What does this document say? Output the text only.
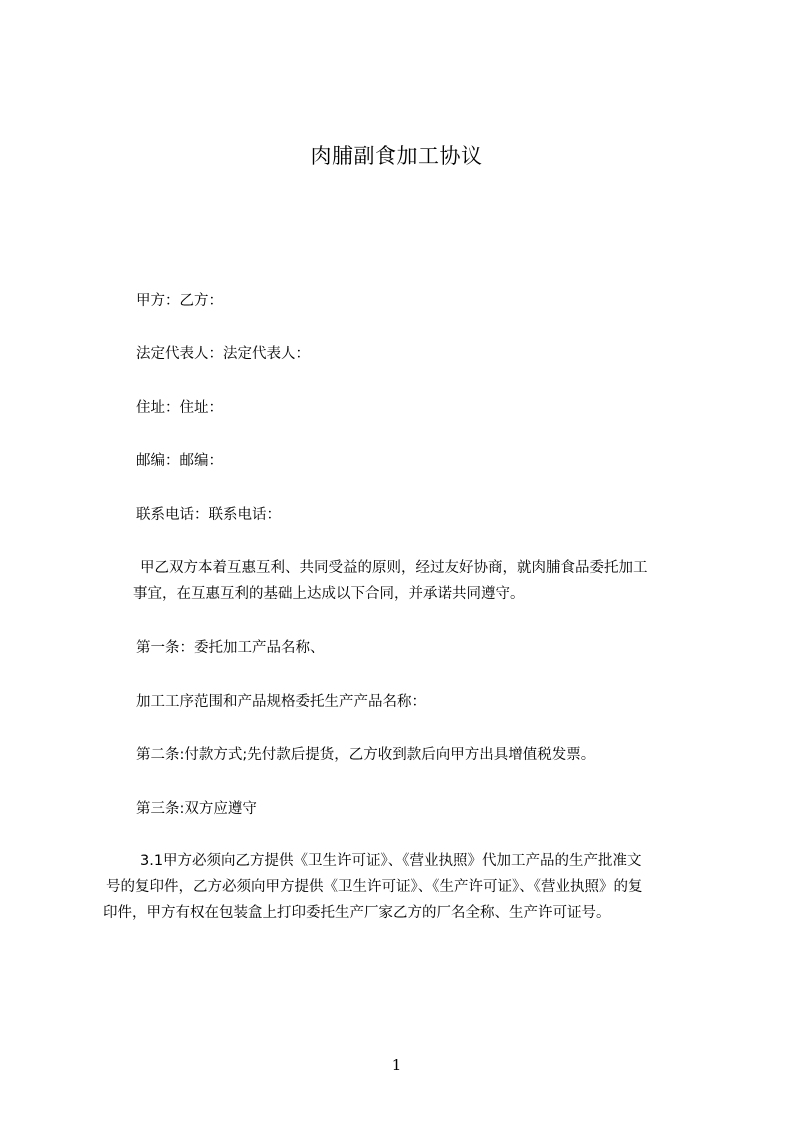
肉脯副食加工协议
甲方：乙方：
法定代表人：法定代表人：
住址：住址：
邮编：邮编：
联系电话：联系电话：
甲乙双方本着互惠互利、共同受益的原则，经过友好协商，就肉脯食品委托加工
事宜，在互惠互利的基础上达成以下合同，并承诺共同遵守。
第一条：委托加工产品名称、
加工工序范围和产品规格委托生产产品名称：
第二条:付款方式;先付款后提货，乙方收到款后向甲方出具增值税发票。
第三条:双方应遵守
3.1甲方必须向乙方提供《卫生许可证》、《营业执照》代加工产品的生产批准文
号的复印件，乙方必须向甲方提供《卫生许可证》、《生产许可证》、《营业执照》的复
印件，甲方有权在包装盒上打印委托生产厂家乙方的厂名全称、生产许可证号。
1
